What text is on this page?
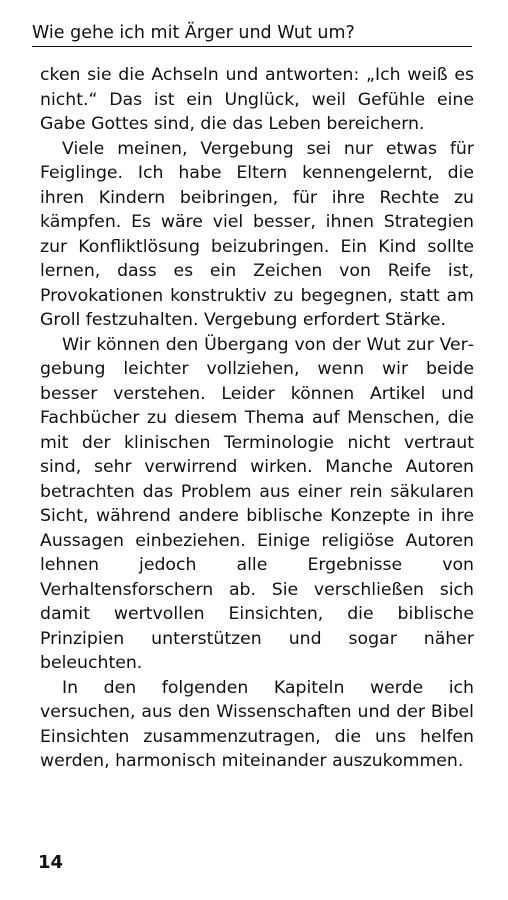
Wie gehe ich mit Ärger und Wut um?

cken sie die Achseln und antworten: „Ich weiß es nicht.“ Das ist ein Unglück, weil Gefühle eine Gabe Gottes sind, die das Leben bereichern.

Viele meinen, Vergebung sei nur etwas für Feiglinge. Ich habe Eltern kennengelernt, die ihren Kindern beibringen, für ihre Rechte zu kämpfen. Es wäre viel besser, ihnen Strategien zur Konfliktlösung beizubringen. Ein Kind sollte lernen, dass es ein Zeichen von Reife ist, Provokationen konstruktiv zu begegnen, statt am Groll festzuhalten. Vergebung erfordert Stärke.

Wir können den Übergang von der Wut zur Vergebung leichter vollziehen, wenn wir beide besser verstehen. Leider können Artikel und Fachbücher zu diesem Thema auf Menschen, die mit der klinischen Terminologie nicht vertraut sind, sehr verwirrend wirken. Manche Autoren betrachten das Problem aus einer rein säkularen Sicht, während andere biblische Konzepte in ihre Aussagen einbeziehen. Einige religiöse Autoren lehnen jedoch alle Ergebnisse von Verhaltensforschern ab. Sie verschließen sich damit wertvollen Einsichten, die biblische Prinzipien unterstützen und sogar näher beleuchten.

In den folgenden Kapiteln werde ich versuchen, aus den Wissenschaften und der Bibel Einsichten zusammenzutragen, die uns helfen werden, harmonisch miteinander auszukommen.

14
